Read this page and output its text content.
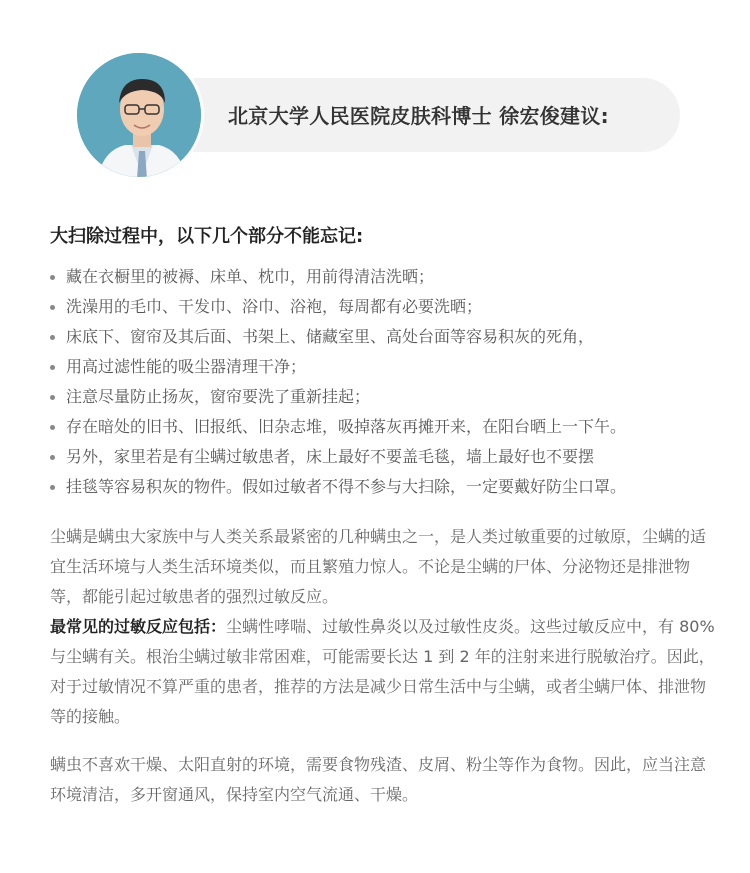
北京大学人民医院皮肤科博士 徐宏俊建议:
大扫除过程中，以下几个部分不能忘记:
藏在衣橱里的被褥、床单、枕巾，用前得清洁洗晒；
洗澡用的毛巾、干发巾、浴巾、浴袍，每周都有必要洗晒；
床底下、窗帘及其后面、书架上、储藏室里、高处台面等容易积灰的死角，
用高过滤性能的吸尘器清理干净；
注意尽量防止扬灰，窗帘要洗了重新挂起；
存在暗处的旧书、旧报纸、旧杂志堆，吸掉落灰再摊开来，在阳台晒上一下午。
另外，家里若是有尘螨过敏患者，床上最好不要盖毛毯，墙上最好也不要摆
挂毯等容易积灰的物件。假如过敏者不得不参与大扫除，一定要戴好防尘口罩。

尘螨是螨虫大家族中与人类关系最紧密的几种螨虫之一，是人类过敏重要的过敏原，尘螨的适宜生活环境与人类生活环境类似，而且繁殖力惊人。不论是尘螨的尸体、分泌物还是排泄物等，都能引起过敏患者的强烈过敏反应。

最常见的过敏反应包括：尘螨性哮喘、过敏性鼻炎以及过敏性皮炎。这些过敏反应中，有 80% 与尘螨有关。根治尘螨过敏非常困难，可能需要长达 1 到 2 年的注射来进行脱敏治疗。因此，对于过敏情况不算严重的患者，推荐的方法是减少日常生活中与尘螨，或者尘螨尸体、排泄物等的接触。

螨虫不喜欢干燥、太阳直射的环境，需要食物残渣、皮屑、粉尘等作为食物。因此，应当注意环境清洁，多开窗通风，保持室内空气流通、干燥。
